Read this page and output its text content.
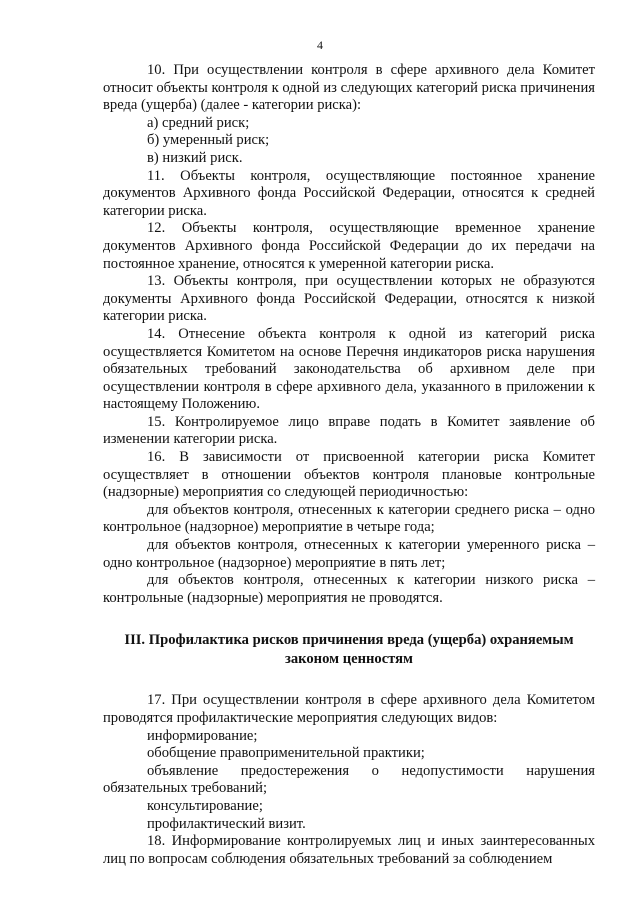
4

10. При осуществлении контроля в сфере архивного дела Комитет относит объекты контроля к одной из следующих категорий риска причинения вреда (ущерба) (далее - категории риска):

а) средний риск;

б) умеренный риск;

в) низкий риск.

11. Объекты контроля, осуществляющие постоянное хранение документов Архивного фонда Российской Федерации, относятся к средней категории риска.

12. Объекты контроля, осуществляющие временное хранение документов Архивного фонда Российской Федерации до их передачи на постоянное хранение, относятся к умеренной категории риска.

13. Объекты контроля, при осуществлении которых не образуются документы Архивного фонда Российской Федерации, относятся к низкой категории риска.

14. Отнесение объекта контроля к одной из категорий риска осуществляется Комитетом на основе Перечня индикаторов риска нарушения обязательных требований законодательства об архивном деле при осуществлении контроля в сфере архивного дела, указанного в приложении к настоящему Положению.

15. Контролируемое лицо вправе подать в Комитет заявление об изменении категории риска.

16. В зависимости от присвоенной категории риска Комитет осуществляет в отношении объектов контроля плановые контрольные (надзорные) мероприятия со следующей периодичностью:

для объектов контроля, отнесенных к категории среднего риска – одно контрольное (надзорное) мероприятие в четыре года;

для объектов контроля, отнесенных к категории умеренного риска – одно контрольное (надзорное) мероприятие в пять лет;

для объектов контроля, отнесенных к категории низкого риска – контрольные (надзорные) мероприятия не проводятся.

III. Профилактика рисков причинения вреда (ущерба) охраняемым законом ценностям

17. При осуществлении контроля в сфере архивного дела Комитетом проводятся профилактические мероприятия следующих видов:

информирование;

обобщение правоприменительной практики;

объявление предостережения о недопустимости нарушения обязательных требований;

консультирование;

профилактический визит.

18. Информирование контролируемых лиц и иных заинтересованных лиц по вопросам соблюдения обязательных требований за соблюдением
